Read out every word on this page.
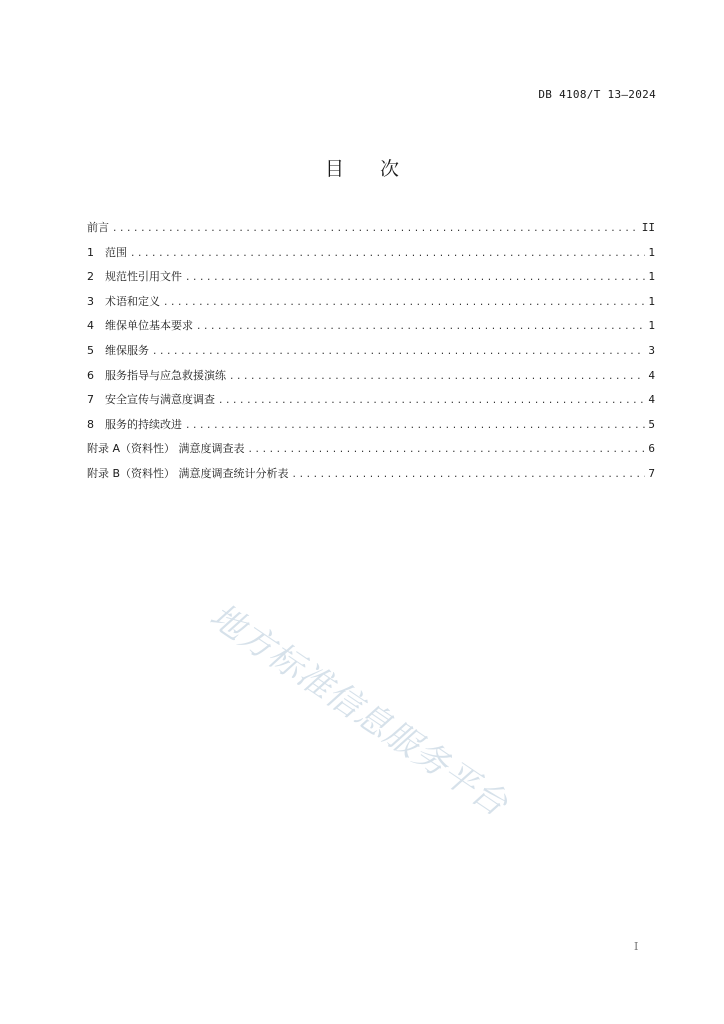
DB 4108/T 13—2024
目 次
前言 .....	II
1	范围 .....	1
2	规范性引用文件 .....	1
3	术语和定义 .....	1
4	维保单位基本要求 .....	1
5	维保服务 .....	3
6	服务指导与应急救援演练 .....	4
7	安全宣传与满意度调查 .....	4
8	服务的持续改进 .....	5
附录 A（资料性） 满意度调查表 .....	6
附录 B（资料性） 满意度调查统计分析表 .....	7
地方标准信息服务平台
I
